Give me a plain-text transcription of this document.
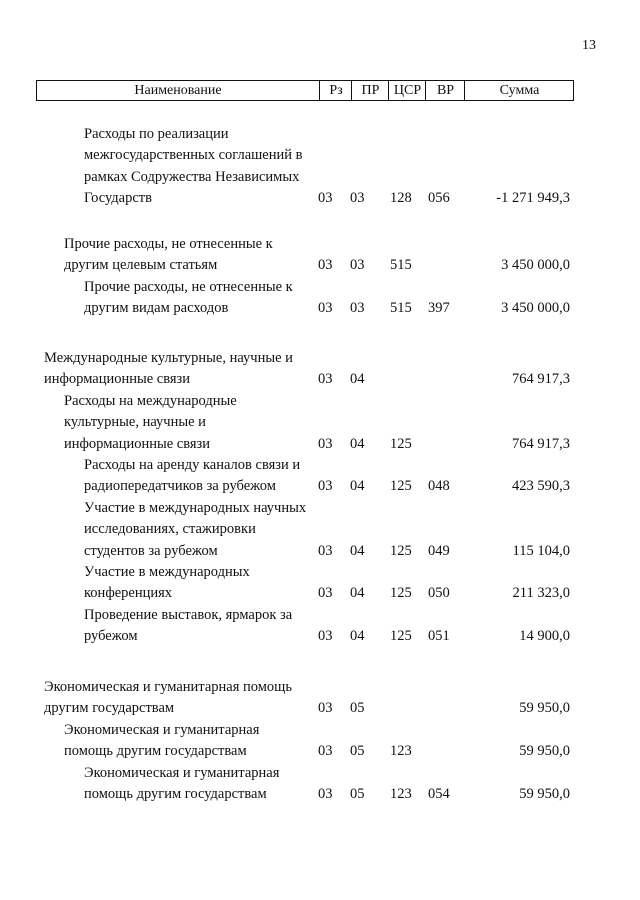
13
Наименование	Рз	ПР	ЦСР	ВР	Сумма
Расходы по реализации
межгосударственных соглашений в
рамках Содружества Независимых
Государств	03 03 128 056	-1 271 949,3
Прочие расходы, не отнесенные к
другим целевым статьям	03 03 515	3 450 000,0
Прочие расходы, не отнесенные к
другим видам расходов	03 03 515 397	3 450 000,0
Международные культурные, научные и
информационные связи	03 04	764 917,3
Расходы на международные
культурные, научные и
информационные связи	03 04 125	764 917,3
Расходы на аренду каналов связи и
радиопередатчиков за рубежом	03 04 125 048	423 590,3
Участие в международных научных
исследованиях, стажировки
студентов за рубежом	03 04 125 049	115 104,0
Участие в международных
конференциях	03 04 125 050	211 323,0
Проведение выставок, ярмарок за
рубежом	03 04 125 051	14 900,0
Экономическая и гуманитарная помощь
другим государствам	03 05	59 950,0
Экономическая и гуманитарная
помощь другим государствам	03 05 123	59 950,0
Экономическая и гуманитарная
помощь другим государствам	03 05 123 054	59 950,0
